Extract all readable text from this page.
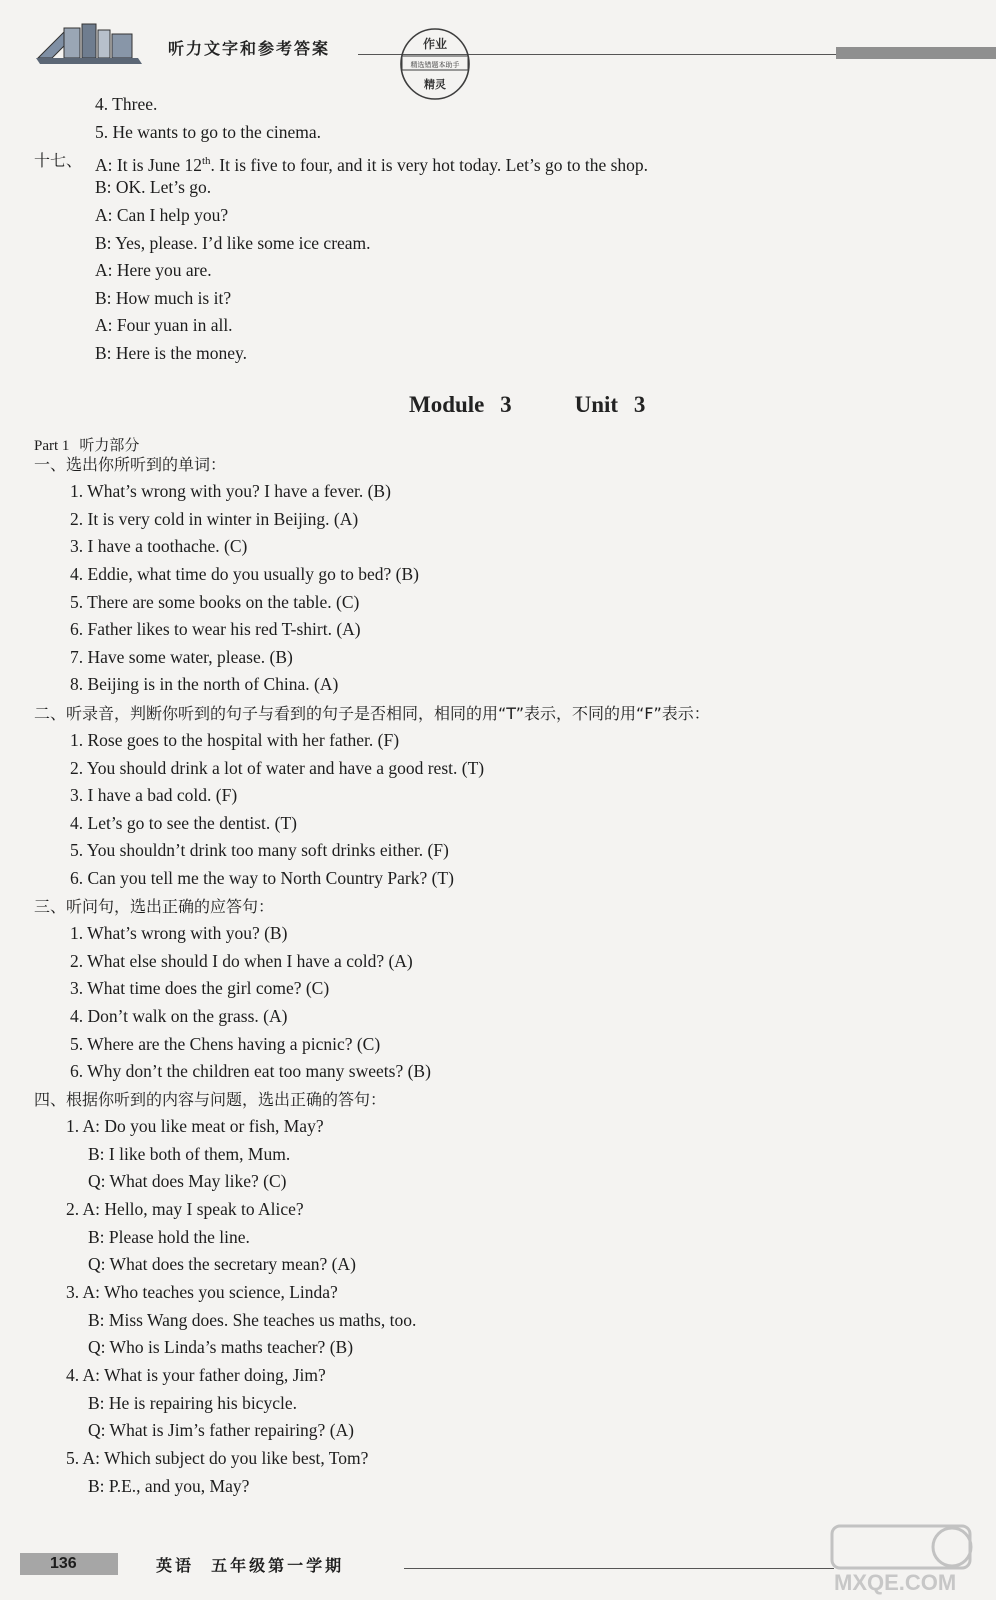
听力文字和参考答案	作业
精选错题本助手
精灵

4. Three.
5. He wants to go to the cinema.
十七、 A: It is June 12th. It is five to four, and it is very hot today. Let’s go to the shop.
B: OK. Let’s go.
A: Can I help you?
B: Yes, please. I’d like some ice cream.
A: Here you are.
B: How much is it?
A: Four yuan in all.
B: Here is the money.
Module 3    Unit 3
Part 1 听力部分
一、选出你所听到的单词：
1. What’s wrong with you? I have a fever. (B)
2. It is very cold in winter in Beijing. (A)
3. I have a toothache. (C)
4. Eddie, what time do you usually go to bed? (B)
5. There are some books on the table. (C)
6. Father likes to wear his red T-shirt. (A)
7. Have some water, please. (B)
8. Beijing is in the north of China. (A)
二、听录音，判断你听到的句子与看到的句子是否相同，相同的用“T”表示，不同的用“F”表示：
1. Rose goes to the hospital with her father. (F)
2. You should drink a lot of water and have a good rest. (T)
3. I have a bad cold. (F)
4. Let’s go to see the dentist. (T)
5. You shouldn’t drink too many soft drinks either. (F)
6. Can you tell me the way to North Country Park? (T)
三、听问句，选出正确的应答句：
1. What’s wrong with you? (B)
2. What else should I do when I have a cold? (A)
3. What time does the girl come? (C)
4. Don’t walk on the grass. (A)
5. Where are the Chens having a picnic? (C)
6. Why don’t the children eat too many sweets? (B)
四、根据你听到的内容与问题，选出正确的答句：
1. A: Do you like meat or fish, May?
B: I like both of them, Mum.
Q: What does May like? (C)
2. A: Hello, may I speak to Alice?
B: Please hold the line.
Q: What does the secretary mean? (A)
3. A: Who teaches you science, Linda?
B: Miss Wang does. She teaches us maths, too.
Q: Who is Linda’s maths teacher? (B)
4. A: What is your father doing, Jim?
B: He is repairing his bicycle.
Q: What is Jim’s father repairing? (A)
5. A: Which subject do you like best, Tom?
B: P.E., and you, May?
136	英语  五年级第一学期
MXQE.COM
